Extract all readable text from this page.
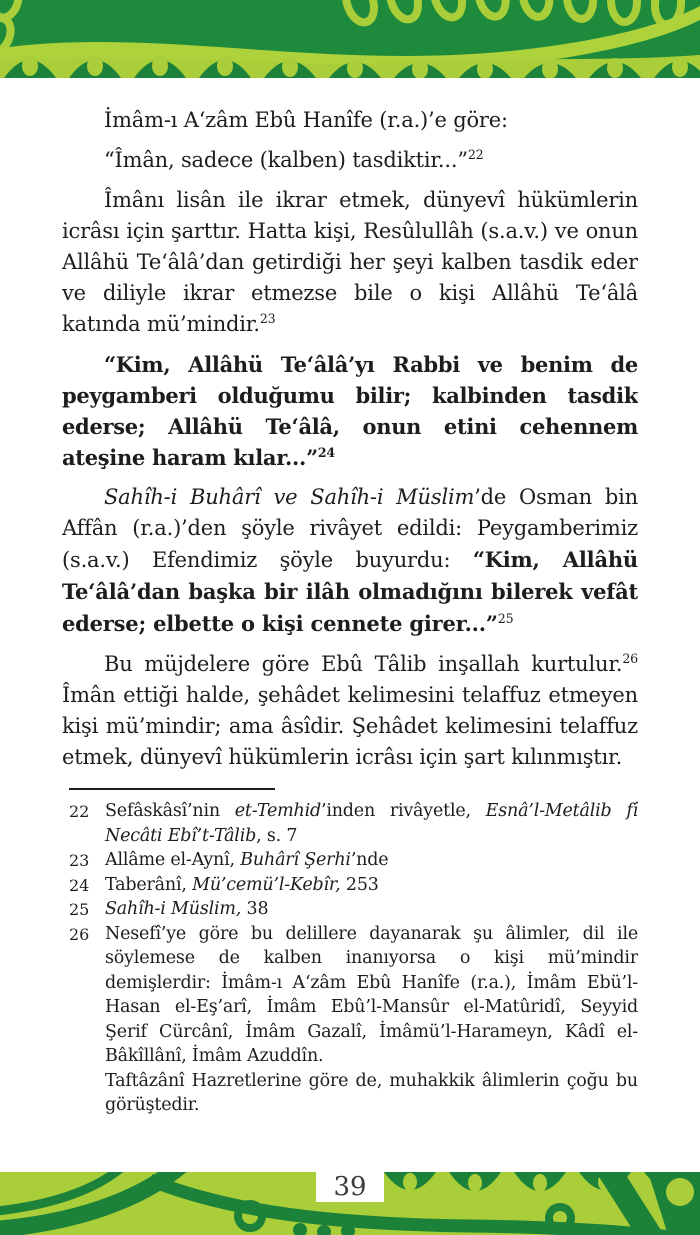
İmâm-ı A‘zâm Ebû Hanîfe (r.a.)’e göre:

“Îmân, sadece (kalben) tasdiktir...”$^{22}$

Îmânı lisân ile ikrar etmek, dünyevî hükümlerin icrâsı için şarttır. Hatta kişi, Resûlullâh (s.a.v.) ve onun Allâhü Te‘âlâ’dan getirdiği her şeyi kalben tasdik eder ve diliyle ikrar etmezse bile o kişi Allâhü Te‘âlâ katında mü’mindir.$^{23}$

“Kim, Allâhü Te‘âlâ’yı Rabbi ve benim de peygamberi olduğumu bilir; kalbinden tasdik ederse; Allâhü Te‘âlâ, onun etini cehennem ateşine haram kılar...”$^{24}$

Sahîh-i Buhârî ve Sahîh-i Müslim’de Osman bin Affân (r.a.)’den şöyle rivâyet edildi: Peygamberimiz (s.a.v.) Efendimiz şöyle buyurdu: “Kim, Allâhü Te‘âlâ’dan başka bir ilâh olmadığını bilerek vefât ederse; elbette o kişi cennete girer...”$^{25}$

Bu müjdelere göre Ebû Tâlib inşallah kurtulur.$^{26}$ Îmân ettiği halde, şehâdet kelimesini telaffuz etmeyen kişi mü’mindir; ama âsîdir. Şehâdet kelimesini telaffuz etmek, dünyevî hükümlerin icrâsı için şart kılınmıştır.

22 Sefâskâsî’nin et-Temhid’inden rivâyetle, Esnâ’l-Metâlib fî Necâti Ebî’t-Tâlib, s. 7
23 Allâme el-Aynî, Buhârî Şerhi’nde
24 Taberânî, Mü’cemü’l-Kebîr, 253
25 Sahîh-i Müslim, 38
26 Nesefî’ye göre bu delillere dayanarak şu âlimler, dil ile söylemese de kalben inanıyorsa o kişi mü’mindir demişlerdir: İmâm-ı A‘zâm Ebû Hanîfe (r.a.), İmâm Ebü’l-Hasan el-Eş’arî, İmâm Ebû’l-Mansûr el-Matûridî, Seyyid Şerif Cürcânî, İmâm Gazalî, İmâmü’l-Harameyn, Kâdî el-Bâkîllânî, İmâm Azuddîn.
Taftâzânî Hazretlerine göre de, muhakkik âlimlerin çoğu bu görüştedir.
39
